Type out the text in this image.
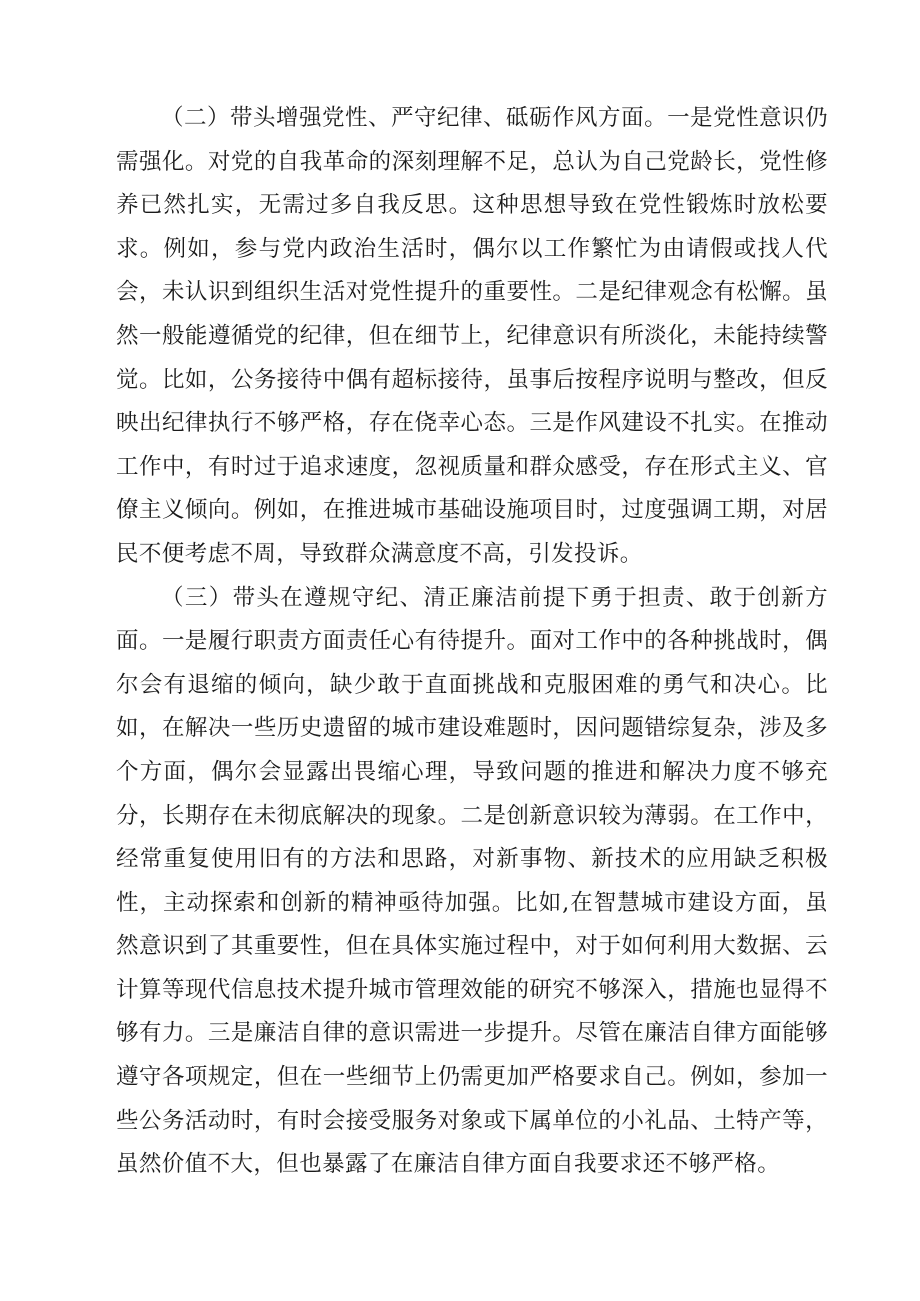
（二）带头增强党性、严守纪律、砥砺作风方面。一是党性意识仍需强化。对党的自我革命的深刻理解不足，总认为自己党龄长，党性修养已然扎实，无需过多自我反思。这种思想导致在党性锻炼时放松要求。例如，参与党内政治生活时，偶尔以工作繁忙为由请假或找人代会，未认识到组织生活对党性提升的重要性。二是纪律观念有松懈。虽然一般能遵循党的纪律，但在细节上，纪律意识有所淡化，未能持续警觉。比如，公务接待中偶有超标接待，虽事后按程序说明与整改，但反映出纪律执行不够严格，存在侥幸心态。三是作风建设不扎实。在推动工作中，有时过于追求速度，忽视质量和群众感受，存在形式主义、官僚主义倾向。例如，在推进城市基础设施项目时，过度强调工期，对居民不便考虑不周，导致群众满意度不高，引发投诉。

（三）带头在遵规守纪、清正廉洁前提下勇于担责、敢于创新方面。一是履行职责方面责任心有待提升。面对工作中的各种挑战时，偶尔会有退缩的倾向，缺少敢于直面挑战和克服困难的勇气和决心。比如，在解决一些历史遗留的城市建设难题时，因问题错综复杂，涉及多个方面，偶尔会显露出畏缩心理，导致问题的推进和解决力度不够充分，长期存在未彻底解决的现象。二是创新意识较为薄弱。在工作中，经常重复使用旧有的方法和思路，对新事物、新技术的应用缺乏积极性，主动探索和创新的精神亟待加强。比如,在智慧城市建设方面，虽然意识到了其重要性，但在具体实施过程中，对于如何利用大数据、云计算等现代信息技术提升城市管理效能的研究不够深入，措施也显得不够有力。三是廉洁自律的意识需进一步提升。尽管在廉洁自律方面能够遵守各项规定，但在一些细节上仍需更加严格要求自己。例如，参加一些公务活动时，有时会接受服务对象或下属单位的小礼品、土特产等，虽然价值不大，但也暴露了在廉洁自律方面自我要求还不够严格。
